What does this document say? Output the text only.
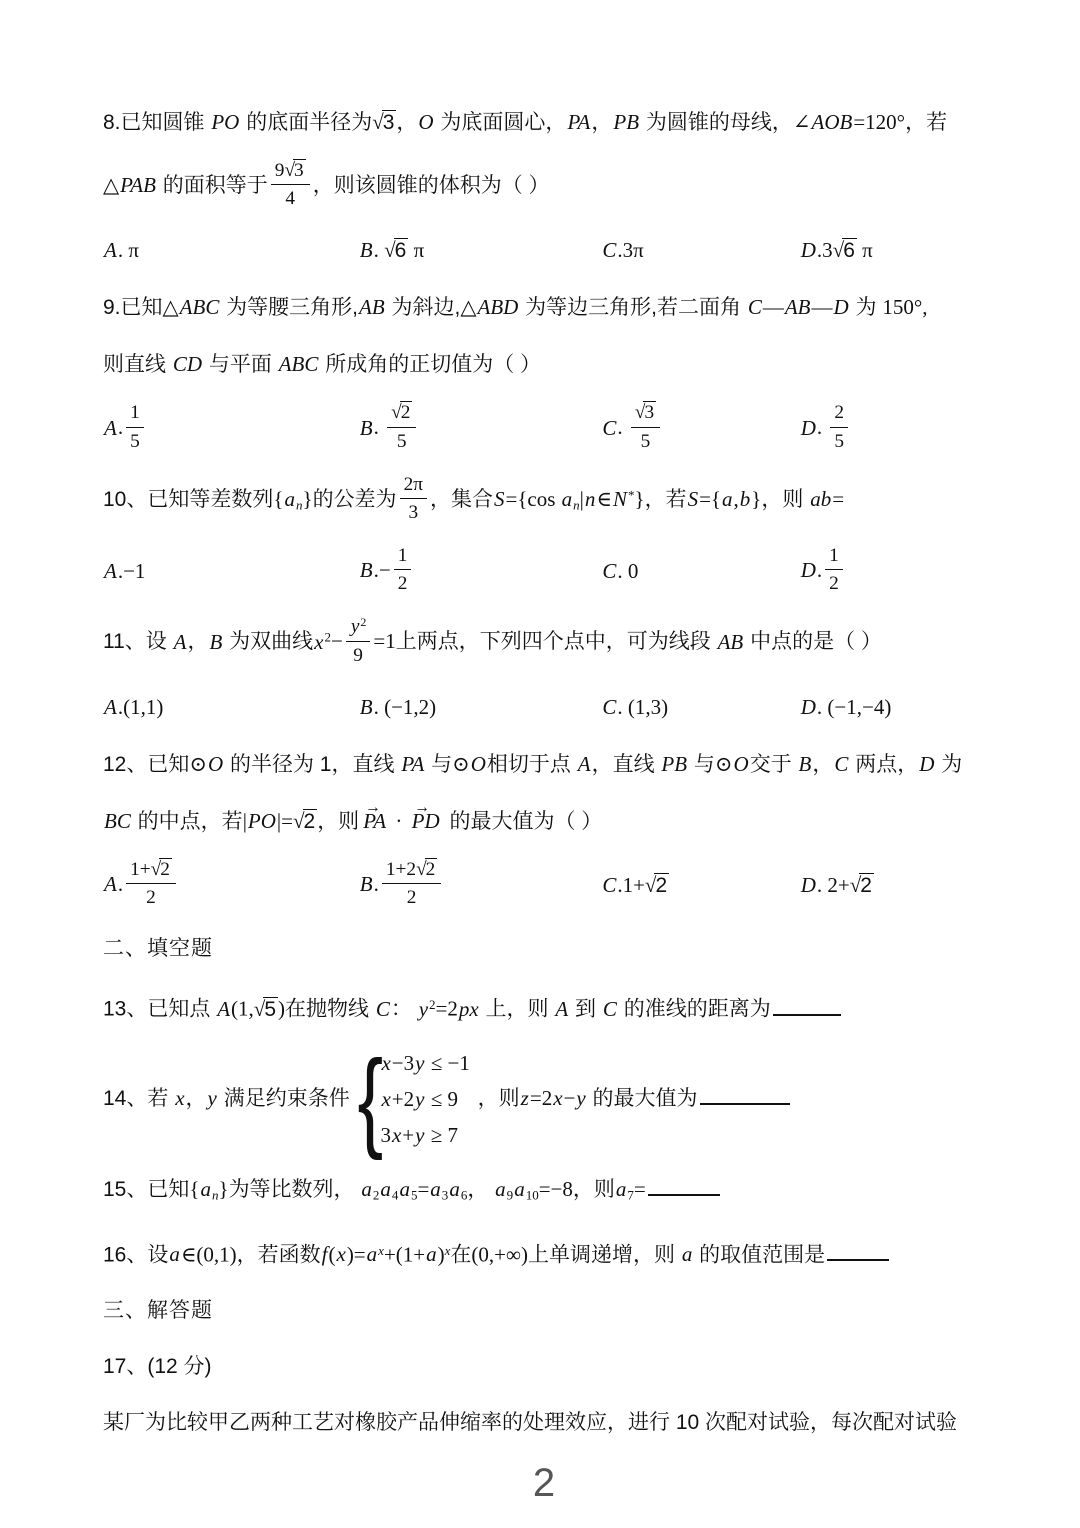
8.已知圆锥 PO 的底面半径为√3，O 为底面圆心，PA，PB 为圆锥的母线，∠AOB=120°，若
△PAB 的面积等于 $\frac{9√3}{4}$ ，则该圆锥的体积为（ ）
A. π	B. √6 π	C.3π	D.3√6 π
9.已知△ABC 为等腰三角形,AB 为斜边,△ABD 为等边三角形,若二面角 C—AB—D 为 150°,
则直线 CD 与平面 ABC 所成角的正切值为（ ）
A. $\frac{1}{5}$	B. $\frac{√2}{5}$	C. $\frac{√3}{5}$	D. $\frac{2}{5}$
10、已知等差数列$\{a_n\}$的公差为 $\frac{2\pi}{3}$ ，集合S={cos $a_n|n\in N^*$}，若S={a,b}，则 ab=
A.−1	$B.- \frac{1}{2}$	C. 0	D. $\frac{1}{2}$
11、设 A，B 为双曲线$x^2- \frac{y^2}{9} =1$上两点，下列四个点中，可为线段 AB 中点的是（ ）
A.(1,1)	B. (−1,2)	C. (1,3)	D. (−1,−4)
12、已知⊙O 的半径为 1，直线 PA 与⊙O相切于点 A，直线 PB 与⊙O交于 B，C 两点，D 为
BC 的中点，若|PO|=√2，则 PA → · PD → 的最大值为（ ）
A. $\frac{1+√2}{2}$	B. $\frac{1+2√2}{2}$	C.1+√2	D. 2+√2
二、填空题
13、已知点 A(1,√5)在抛物线 C： $y^2=2px$ 上，则 A 到 C 的准线的距离为
14、若 x，y 满足约束条件 {
x−3y ≤ −1
x+2y ≤ 9
3x+y ≥ 7
，则z=2x−y 的最大值为
15、已知$\{a_n\}$为等比数列， $a_2a_4a_5=a_3a_6$， $a_9a_{10}=-8$，则$a_7=$
16、设a∈(0,1)，若函数$f(x)=a^x+(1+a)^x$在(0,+∞)上单调递增，则 a 的取值范围是
三、解答题
17、(12 分)
某厂为比较甲乙两种工艺对橡胶产品伸缩率的处理效应，进行 10 次配对试验，每次配对试验
2
